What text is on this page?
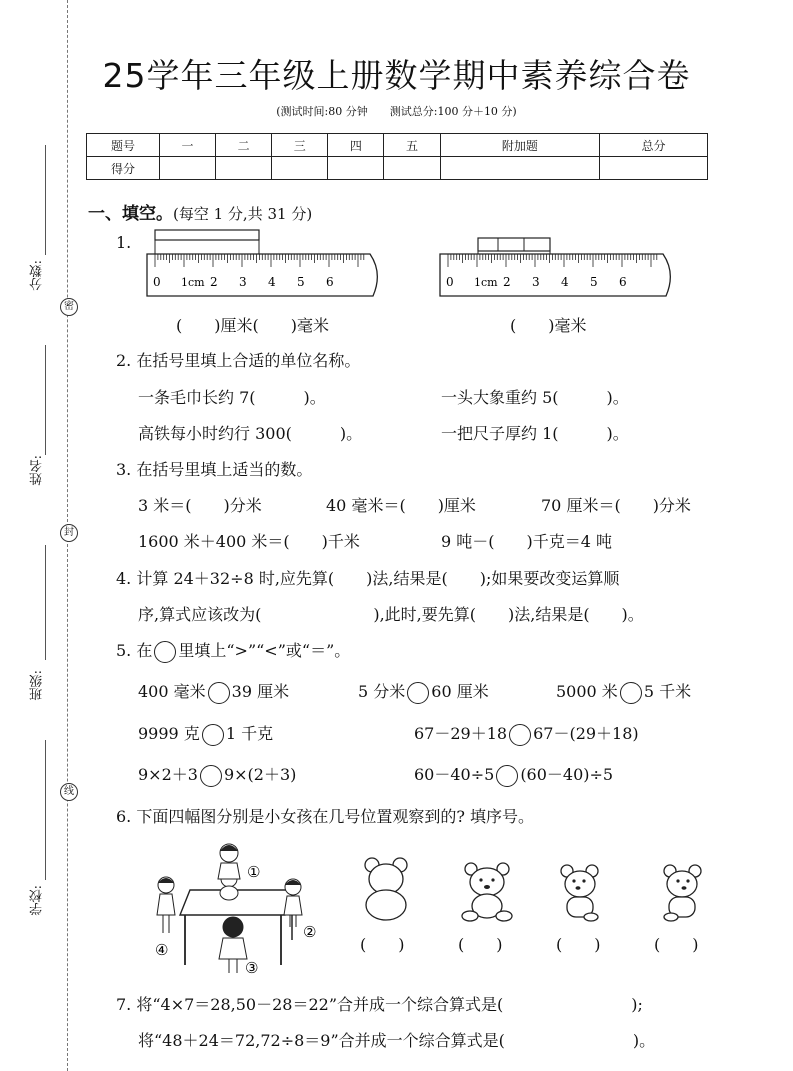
分数:
姓名:
班级:
学校:
密
封
线
25学年三年级上册数学期中素养综合卷
(测试时间:80 分钟　　测试总分:100 分＋10 分)
题号	一	二	三	四	五	附加题	总分
得分							
一、填空。(每空 1 分,共 31 分)
1.
0 1cm 2 3 4 5 6	0 1cm 2 3 4 5 6
(　　)厘米(　　)毫米	(　　)毫米
2. 在括号里填上合适的单位名称。
一条毛巾长约 7(　　　)。	一头大象重约 5(　　　)。
高铁每小时约行 300(　　　)。	一把尺子厚约 1(　　　)。
3. 在括号里填上适当的数。
3 米＝(　　)分米	40 毫米＝(　　)厘米	70 厘米＝(　　)分米
1600 米＋400 米＝(　　)千米	9 吨－(　　)千克＝4 吨
4. 计算 24＋32÷8 时,应先算(　　)法,结果是(　　);如果要改变运算顺
序,算式应该改为(　　　　　　　),此时,要先算(　　)法,结果是(　　)。
5. 在 里填上“>”“<”或“＝”。
400 毫米 39 厘米	5 分米 60 厘米	5000 米 5 千米
9999 克 1 千克	67－29＋18 67－(29＋18)
9×2＋3 9×(2＋3)	60－40÷5 (60－40)÷5
6. 下面四幅图分别是小女孩在几号位置观察到的? 填序号。
①
②
③
④	(　　)	(　　)	(　　)	(　　)
7. 将“4×7＝28,50－28＝22”合并成一个综合算式是(　　　　　　　　);
将“48＋24＝72,72÷8＝9”合并成一个综合算式是(　　　　　　　　)。
